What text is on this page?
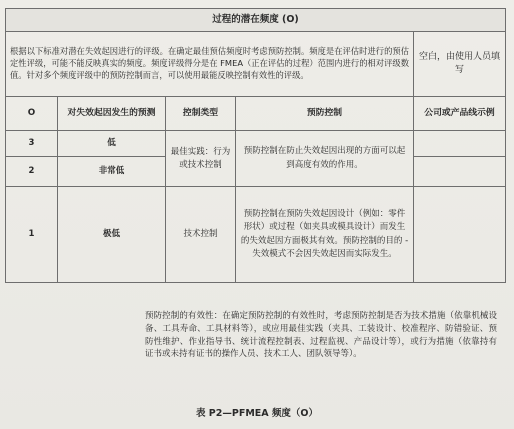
过程的潜在频度 (O)				
根据以下标准对潜在失效起因进行的评级。在确定最佳预估频度时考虑预防控制。频度是在评估时进行的预估定性评级，可能不能反映真实的频度。频度评级得分是在 FMEA（正在评估的过程）范围内进行的相对评级数值。针对多个频度评级中的预防控制而言，可以使用最能反映控制有效性的评级。				空白，由使用人员填写
O	对失效起因发生的预测	控制类型	预防控制	公司或产品线示例
3	低	最佳实践：行为或技术控制	预防控制在防止失效起因出现的方面可以起到高度有效的作用。	
2	非常低			
1	极低	技术控制	预防控制在预防失效起因设计（例如：零件形状）或过程（如夹具或模具设计）而发生的失效起因方面极其有效。预防控制的目的 - 失效模式不会因失效起因而实际发生。	

预防控制的有效性：在确定预防控制的有效性时，考虑预防控制是否为技术措施（依靠机械设备、工具寿命、工具材料等），或应用最佳实践（夹具、工装设计、校准程序、防错验证、预防性维护、作业指导书、统计流程控制表、过程监视、产品设计等），或行为措施（依靠持有证书或未持有证书的操作人员、技术工人、团队领导等）。

表 P2—PFMEA 频度（O）
